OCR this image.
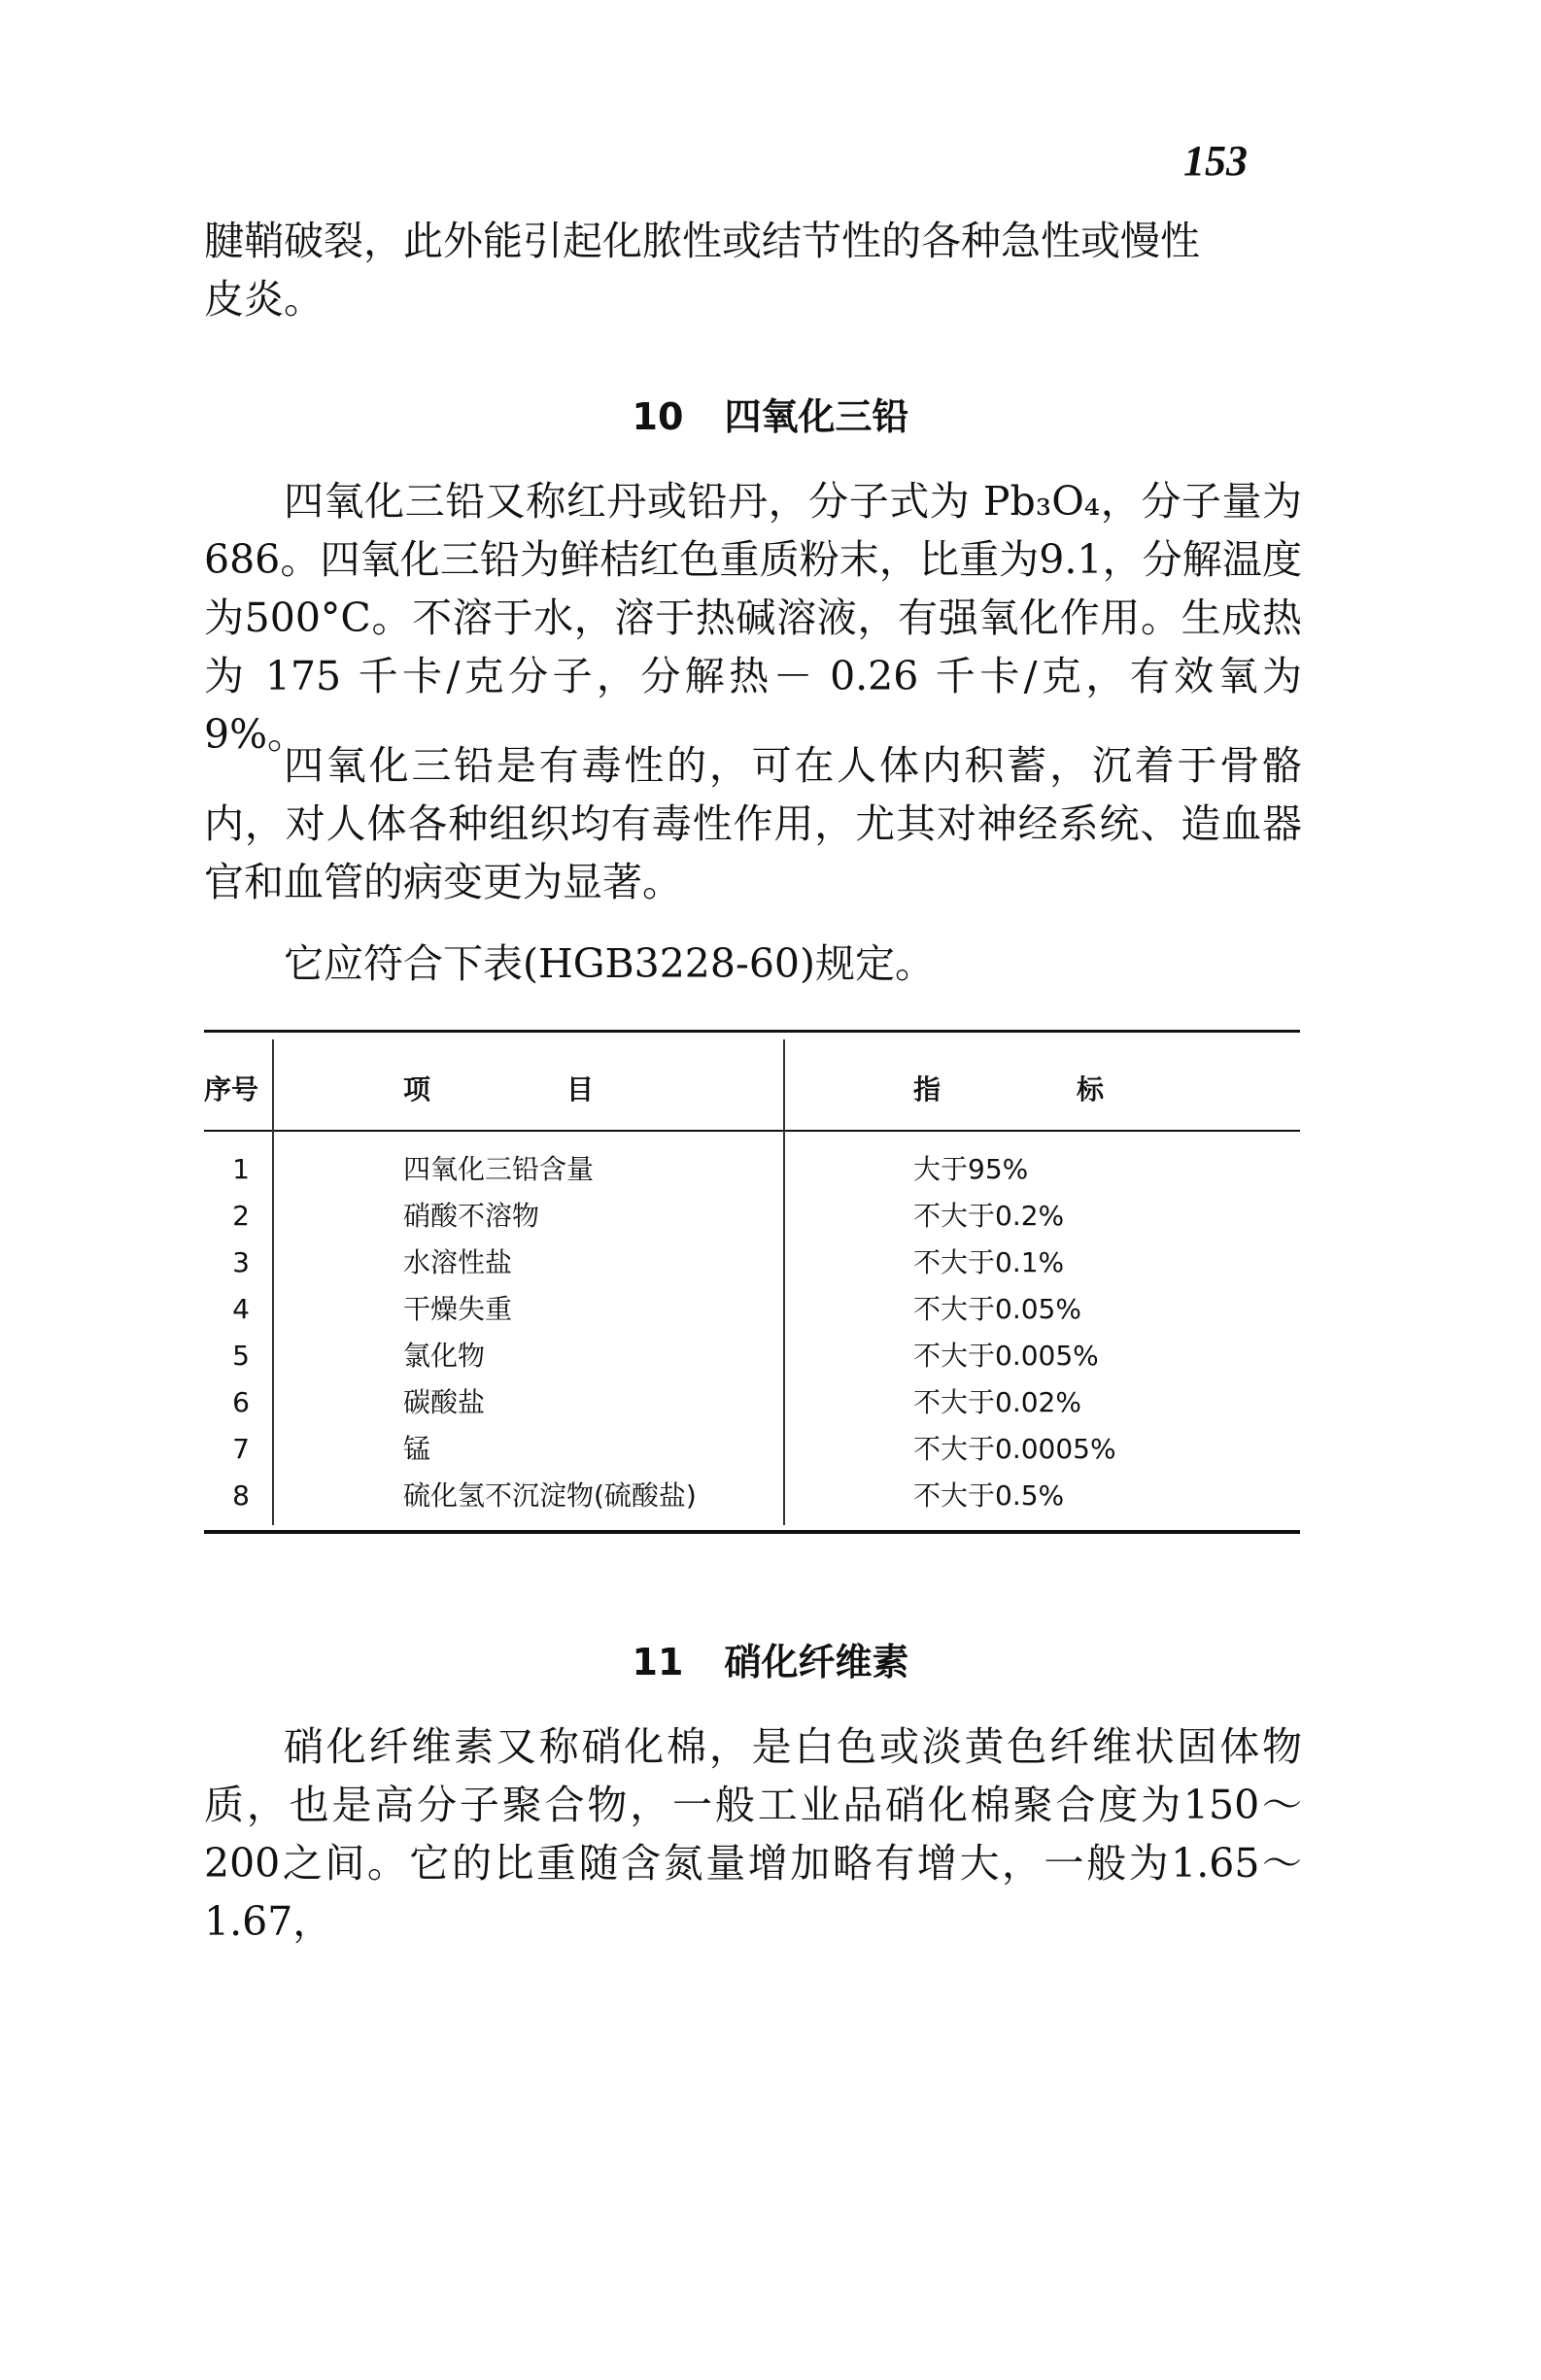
153

腱鞘破裂，此外能引起化脓性或结节性的各种急性或慢性
皮炎。

10 四氧化三铅

四氧化三铅又称红丹或铅丹，分子式为 Pb₃O₄，分子量为686。四氧化三铅为鲜桔红色重质粉末，比重为9.1，分解温度为500°C。不溶于水，溶于热碱溶液，有强氧化作用。生成热为 175 千卡/克分子，分解热－ 0.26 千卡/克，有效氧为 9%。

四氧化三铅是有毒性的，可在人体内积蓄，沉着于骨骼内，对人体各种组织均有毒性作用，尤其对神经系统、造血器官和血管的病变更为显著。

它应符合下表(HGB3228-60)规定。

序号	项　　　　　目	指　　　　　标
1	四氧化三铅含量	大于95%
2	硝酸不溶物	不大于0.2%
3	水溶性盐	不大于0.1%
4	干燥失重	不大于0.05%
5	氯化物	不大于0.005%
6	碳酸盐	不大于0.02%
7	锰	不大于0.0005%
8	硫化氢不沉淀物(硫酸盐)	不大于0.5%
11 硝化纤维素

硝化纤维素又称硝化棉，是白色或淡黄色纤维状固体物质，也是高分子聚合物，一般工业品硝化棉聚合度为150～200之间。它的比重随含氮量增加略有增大，一般为1.65～1.67，
